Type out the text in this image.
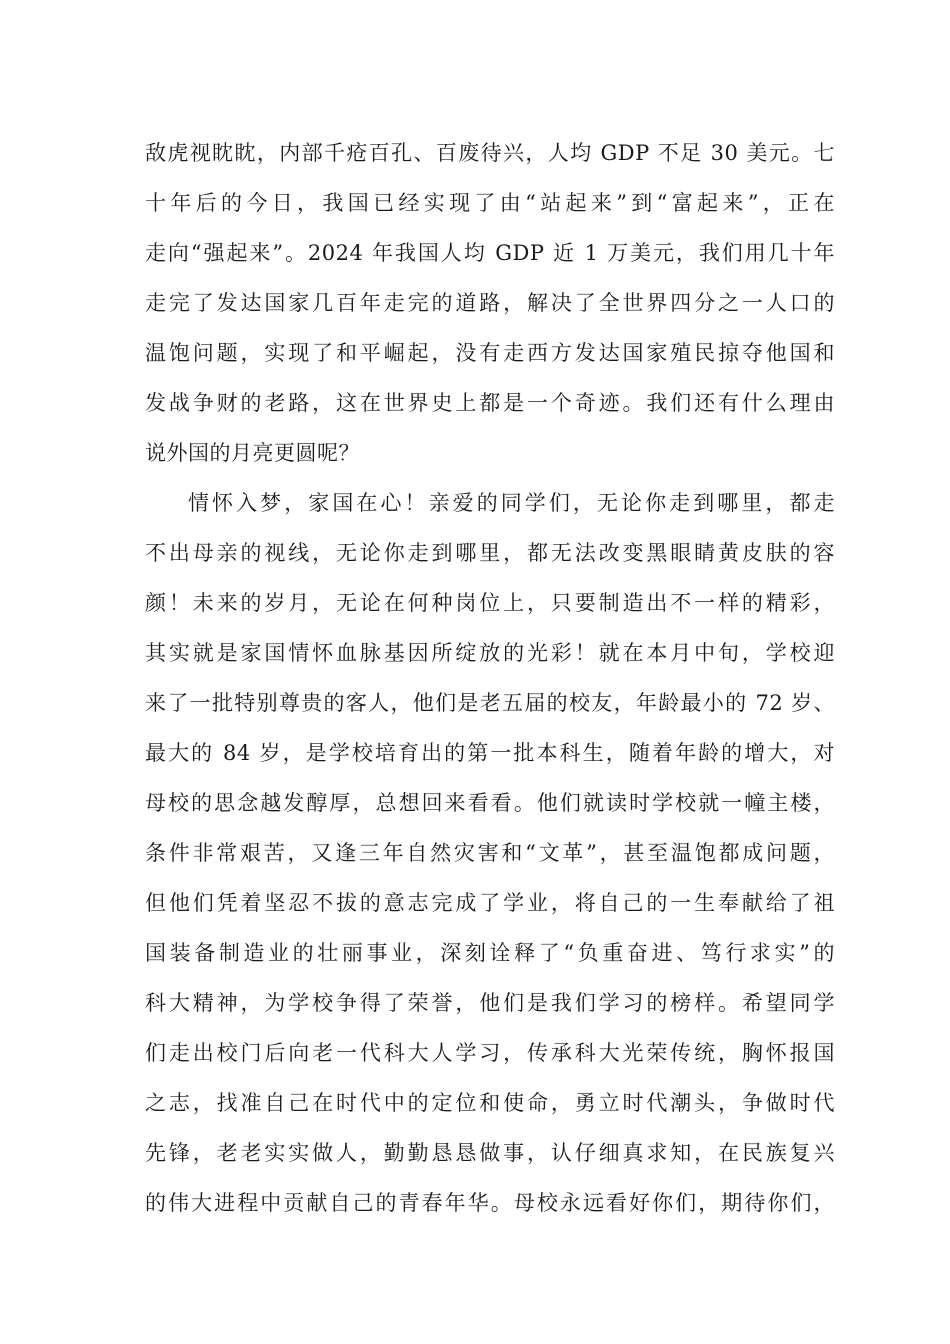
敌虎视眈眈，内部千疮百孔、百废待兴，人均 GDP 不足 30 美元。七
十年后的今日，我国已经实现了由“站起来”到“富起来”，正在
走向“强起来”。2024 年我国人均 GDP 近 1 万美元，我们用几十年
走完了发达国家几百年走完的道路，解决了全世界四分之一人口的
温饱问题，实现了和平崛起，没有走西方发达国家殖民掠夺他国和
发战争财的老路，这在世界史上都是一个奇迹。我们还有什么理由
说外国的月亮更圆呢？
情怀入梦，家国在心！亲爱的同学们，无论你走到哪里，都走
不出母亲的视线，无论你走到哪里，都无法改变黑眼睛黄皮肤的容
颜！未来的岁月，无论在何种岗位上，只要制造出不一样的精彩，
其实就是家国情怀血脉基因所绽放的光彩！就在本月中旬，学校迎
来了一批特别尊贵的客人，他们是老五届的校友，年龄最小的 72 岁、
最大的 84 岁，是学校培育出的第一批本科生，随着年龄的增大，对
母校的思念越发醇厚，总想回来看看。他们就读时学校就一幢主楼，
条件非常艰苦，又逢三年自然灾害和“文革”，甚至温饱都成问题，
但他们凭着坚忍不拔的意志完成了学业，将自己的一生奉献给了祖
国装备制造业的壮丽事业，深刻诠释了“负重奋进、笃行求实”的
科大精神，为学校争得了荣誉，他们是我们学习的榜样。希望同学
们走出校门后向老一代科大人学习，传承科大光荣传统，胸怀报国
之志，找准自己在时代中的定位和使命，勇立时代潮头，争做时代
先锋，老老实实做人，勤勤恳恳做事，认仔细真求知，在民族复兴
的伟大进程中贡献自己的青春年华。母校永远看好你们，期待你们，
